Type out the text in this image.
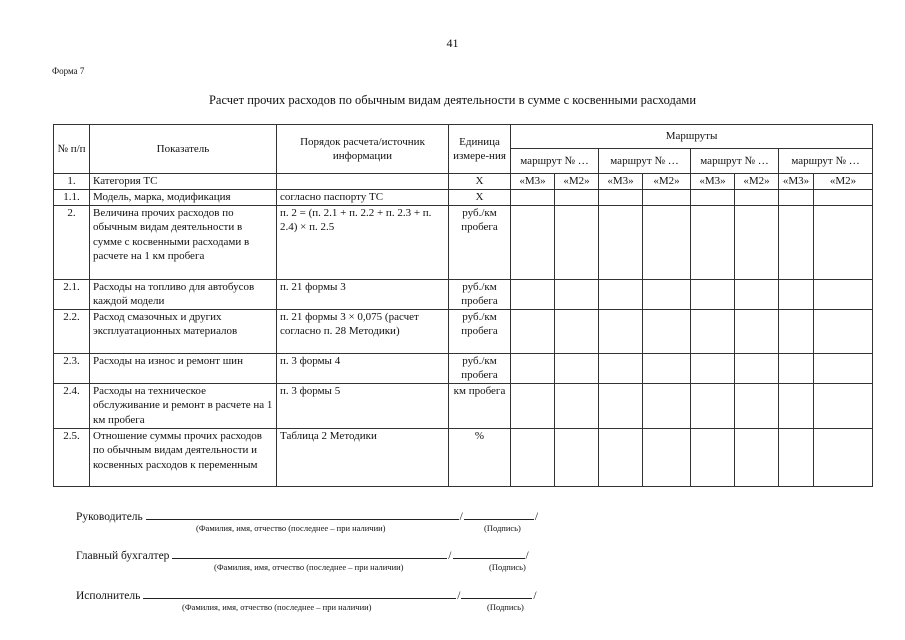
41
Форма 7
Расчет прочих расходов по обычным видам деятельности в сумме с косвенными расходами
№ п/п	Показатель	Порядок расчета/источник информации	Единица измере-ния	Маршруты							
				маршрут № …		маршрут № …		маршрут № …		маршрут № …	
1.	Категория ТС		X	«М3»	«М2»	«М3»	«М2»	«М3»	«М2»	«М3»	«М2»
1.1.	Модель, марка, модификация	согласно паспорту ТС	X								
2.	Величина прочих расходов по обычным видам деятельности в сумме с косвенными расходами в расчете на 1 км пробега	п. 2 = (п. 2.1 + п. 2.2 + п. 2.3 + п. 2.4) × п. 2.5	руб./км пробега								
2.1.	Расходы на топливо для автобусов каждой модели	п. 21 формы 3	руб./км пробега								
2.2.	Расход смазочных и других эксплуатационных материалов	п. 21 формы 3 × 0,075 (расчет согласно п. 28 Методики)	руб./км пробега								
2.3.	Расходы на износ и ремонт шин	п. 3 формы 4	руб./км пробега								
2.4.	Расходы на техническое обслуживание и ремонт в расчете на 1 км пробега	п. 3 формы 5	км пробега								
2.5.	Отношение суммы прочих расходов по обычным видам деятельности и косвенных расходов к переменным	Таблица 2 Методики	%								
Руководитель	/	/
(Фамилия, имя, отчество (последнее – при наличии)	(Подпись)
Главный бухгалтер	/	/
(Фамилия, имя, отчество (последнее – при наличии)	(Подпись)
Исполнитель	/	/
(Фамилия, имя, отчество (последнее – при наличии)	(Подпись)
